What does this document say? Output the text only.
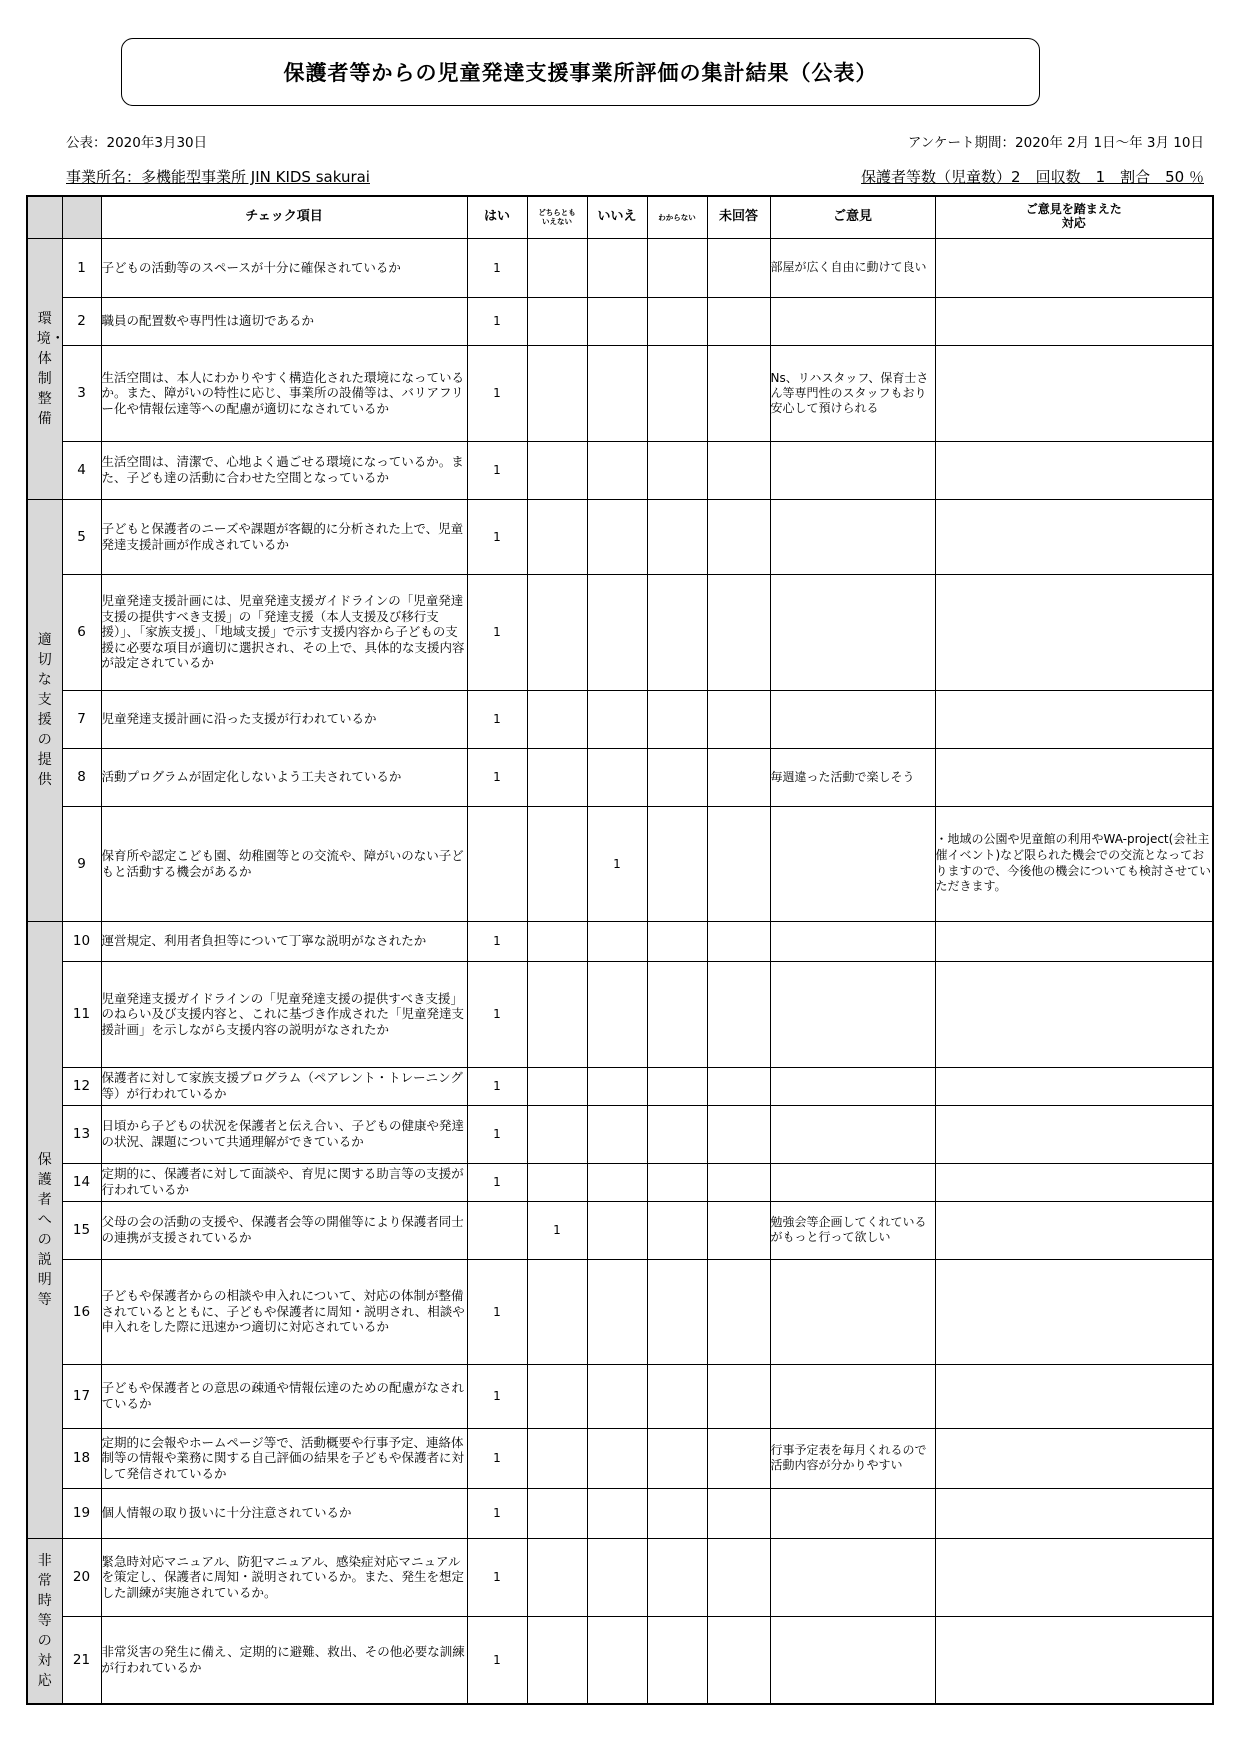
保護者等からの児童発達支援事業所評価の集計結果（公表）
公表：2020年3月30日	アンケート期間：2020年 2月 1日～年 3月 10日
事業所名：多機能型事業所 JIN KIDS sakurai	保護者等数（児童数）2　回収数　1　割合　50 ％
		チェック項目	はい	どちらとも
いえない	いいえ	わからない	未回答	ご意見	ご意見を踏まえた
対応
環境・体制整備	1	子どもの活動等のスペースが十分に確保されているか	1					部屋が広く自由に動けて良い	
	2	職員の配置数や専門性は適切であるか	1						
	3	生活空間は、本人にわかりやすく構造化された環境になっているか。また、障がいの特性に応じ、事業所の設備等は、バリアフリー化や情報伝達等への配慮が適切になされているか	1					Ns、リハスタッフ、保育士さん等専門性のスタッフもおり安心して預けられる	
	4	生活空間は、清潔で、心地よく過ごせる環境になっているか。また、子ども達の活動に合わせた空間となっているか	1						
適切な支援の提供	5	子どもと保護者のニーズや課題が客観的に分析された上で、児童発達支援計画が作成されているか	1						
	6	児童発達支援計画には、児童発達支援ガイドラインの「児童発達支援の提供すべき支援」の「発達支援（本人支援及び移行支援）」、「家族支援」、「地域支援」で示す支援内容から子どもの支援に必要な項目が適切に選択され、その上で、具体的な支援内容が設定されているか	1						
	7	児童発達支援計画に沿った支援が行われているか	1						
	8	活動プログラムが固定化しないよう工夫されているか	1					毎週違った活動で楽しそう	
	9	保育所や認定こども園、幼稚園等との交流や、障がいのない子どもと活動する機会があるか			1				・地域の公園や児童館の利用やWA-project(会社主催イベント)など限られた機会での交流となっておりますので、今後他の機会についても検討させていただきます。
保護者への説明等	10	運営規定、利用者負担等について丁寧な説明がなされたか	1						
	11	児童発達支援ガイドラインの「児童発達支援の提供すべき支援」のねらい及び支援内容と、これに基づき作成された「児童発達支援計画」を示しながら支援内容の説明がなされたか	1						
	12	保護者に対して家族支援プログラム（ペアレント・トレーニング等）が行われているか	1						
	13	日頃から子どもの状況を保護者と伝え合い、子どもの健康や発達の状況、課題について共通理解ができているか	1						
	14	定期的に、保護者に対して面談や、育児に関する助言等の支援が行われているか	1						
	15	父母の会の活動の支援や、保護者会等の開催等により保護者同士の連携が支援されているか		1				勉強会等企画してくれているがもっと行って欲しい	
	16	子どもや保護者からの相談や申入れについて、対応の体制が整備されているとともに、子どもや保護者に周知・説明され、相談や申入れをした際に迅速かつ適切に対応されているか	1						
	17	子どもや保護者との意思の疎通や情報伝達のための配慮がなされているか	1						
	18	定期的に会報やホームページ等で、活動概要や行事予定、連絡体制等の情報や業務に関する自己評価の結果を子どもや保護者に対して発信されているか	1					行事予定表を毎月くれるので活動内容が分かりやすい	
	19	個人情報の取り扱いに十分注意されているか	1						
非常時等の対応	20	緊急時対応マニュアル、防犯マニュアル、感染症対応マニュアルを策定し、保護者に周知・説明されているか。また、発生を想定した訓練が実施されているか。	1						
	21	非常災害の発生に備え、定期的に避難、救出、その他必要な訓練が行われているか	1						
